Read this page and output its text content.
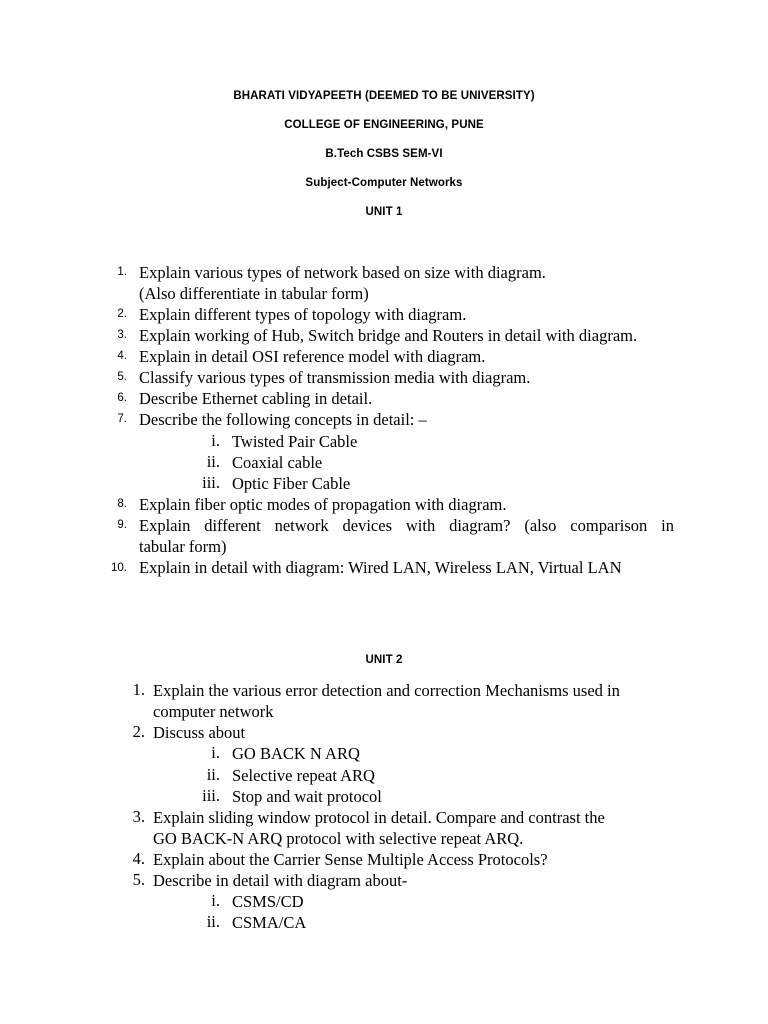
BHARATI VIDYAPEETH (DEEMED TO BE UNIVERSITY)
COLLEGE OF ENGINEERING, PUNE
B.Tech CSBS SEM-VI
Subject-Computer Networks
UNIT 1
1. Explain various types of network based on size with diagram.
(Also differentiate in tabular form)
2. Explain different types of topology with diagram.
3. Explain working of Hub, Switch bridge and Routers in detail with diagram.
4. Explain in detail OSI reference model with diagram.
5. Classify various types of transmission media with diagram.
6. Describe Ethernet cabling in detail.
7. Describe the following concepts in detail: –
i. Twisted Pair Cable
ii. Coaxial cable
iii. Optic Fiber Cable
8. Explain fiber optic modes of propagation with diagram.
9. Explain different network devices with diagram? (also comparison in
tabular form)
10. Explain in detail with diagram: Wired LAN, Wireless LAN, Virtual LAN
UNIT 2
1. Explain the various error detection and correction Mechanisms used in
computer network
2. Discuss about
i. GO BACK N ARQ
ii. Selective repeat ARQ
iii. Stop and wait protocol
3. Explain sliding window protocol in detail. Compare and contrast the
GO BACK-N ARQ protocol with selective repeat ARQ.
4. Explain about the Carrier Sense Multiple Access Protocols?
5. Describe in detail with diagram about-
i. CSMS/CD
ii. CSMA/CA
